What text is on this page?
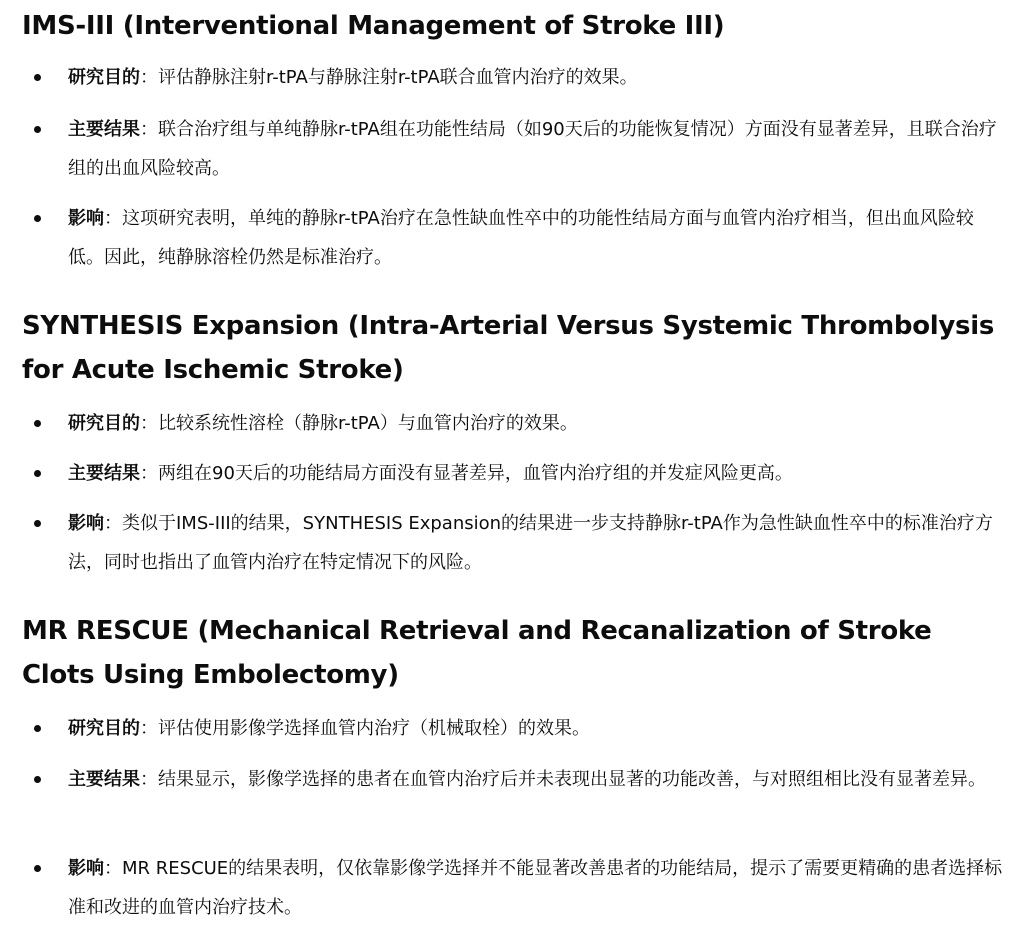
IMS-III (Interventional Management of Stroke III)
研究目的：评估静脉注射r-tPA与静脉注射r-tPA联合血管内治疗的效果。
主要结果：联合治疗组与单纯静脉r-tPA组在功能性结局（如90天后的功能恢复情况）方面没有显著差异，且联合治疗组的出血风险较高。
影响：这项研究表明，单纯的静脉r-tPA治疗在急性缺血性卒中的功能性结局方面与血管内治疗相当，但出血风险较低。因此，纯静脉溶栓仍然是标准治疗。
SYNTHESIS Expansion (Intra-Arterial Versus Systemic Thrombolysis for Acute Ischemic Stroke)
研究目的：比较系统性溶栓（静脉r-tPA）与血管内治疗的效果。
主要结果：两组在90天后的功能结局方面没有显著差异，血管内治疗组的并发症风险更高。
影响：类似于IMS-III的结果，SYNTHESIS Expansion的结果进一步支持静脉r-tPA作为急性缺血性卒中的标准治疗方法，同时也指出了血管内治疗在特定情况下的风险。
MR RESCUE (Mechanical Retrieval and Recanalization of Stroke Clots Using Embolectomy)
研究目的：评估使用影像学选择血管内治疗（机械取栓）的效果。
主要结果：结果显示，影像学选择的患者在血管内治疗后并未表现出显著的功能改善，与对照组相比没有显著差异。
影响：MR RESCUE的结果表明，仅依靠影像学选择并不能显著改善患者的功能结局，提示了需要更精确的患者选择标准和改进的血管内治疗技术。
